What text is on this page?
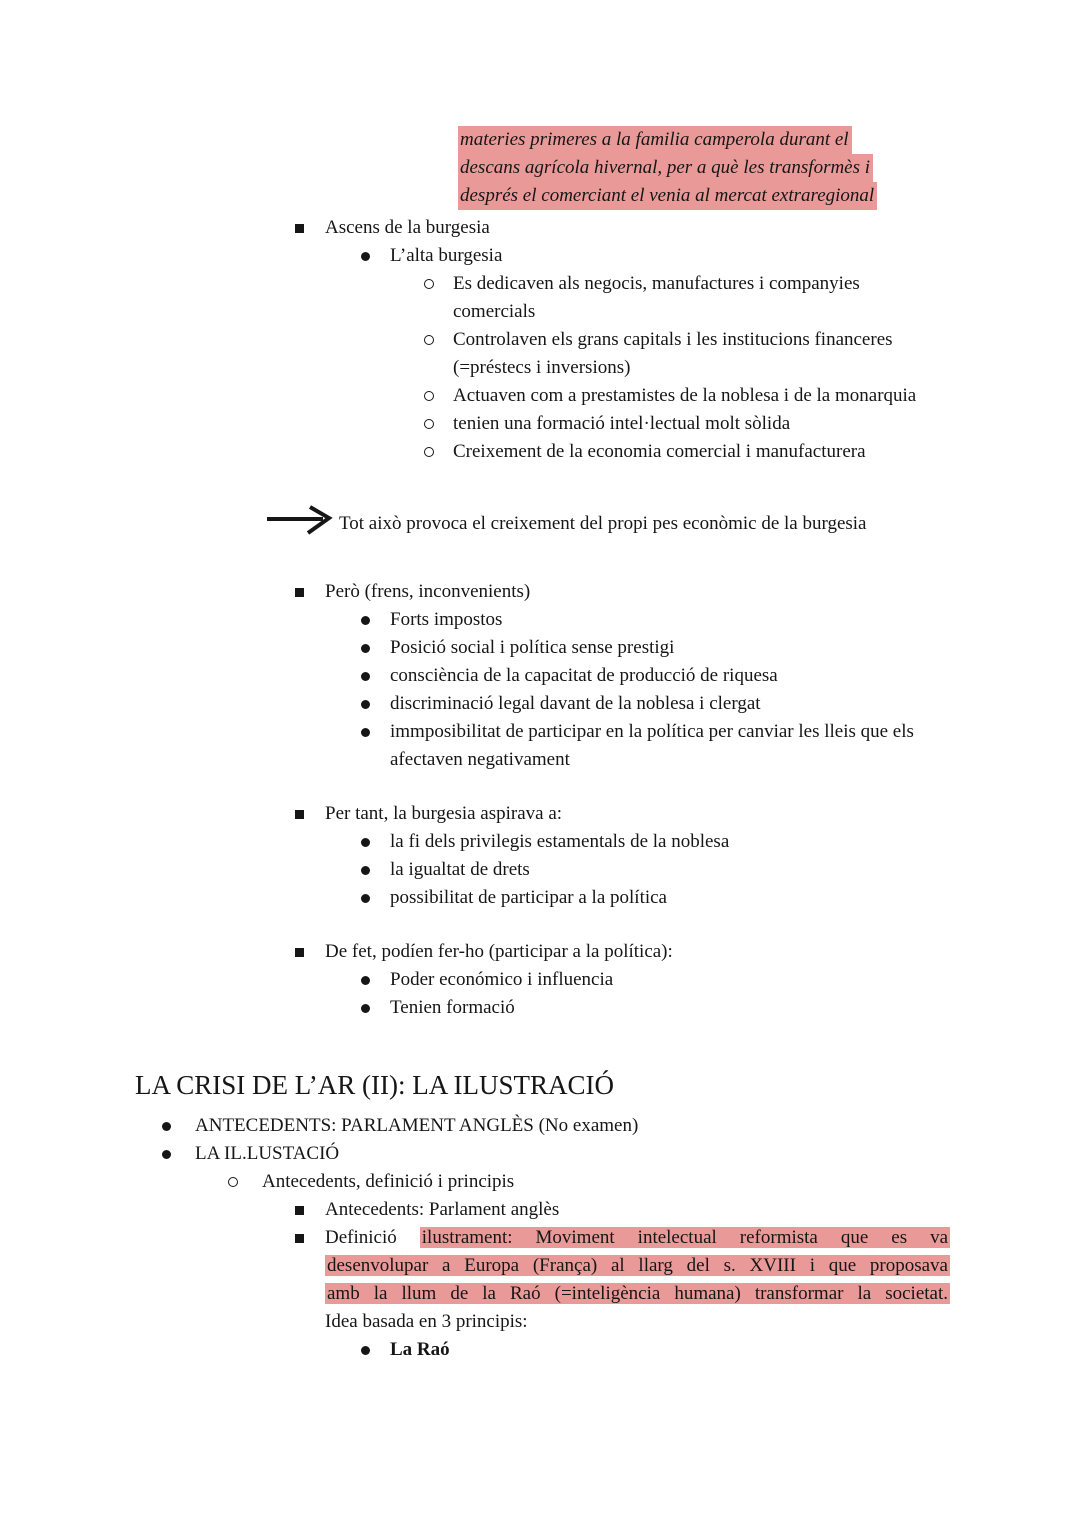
materies primeres a la familia camperola durant el
descans agrícola hivernal, per a què les transformès i
després el comerciant el venia al mercat extraregional
Ascens de la burgesia
L’alta burgesia
Es dedicaven als negocis, manufactures i companyies comercials
Controlaven els grans capitals i les institucions financeres (=préstecs i inversions)
Actuaven com a prestamistes de la noblesa i de la monarquia
tenien una formació intel·lectual molt sòlida
Creixement de la economia comercial i manufacturera
Tot això provoca el creixement del propi pes econòmic de la burgesia
Però (frens, inconvenients)
Forts impostos
Posició social i política sense prestigi
consciència de la capacitat de producció de riquesa
discriminació legal davant de la noblesa i clergat
immposibilitat de participar en la política per canviar les lleis que els afectaven negativament
Per tant, la burgesia aspirava a:
la fi dels privilegis estamentals de la noblesa
la igualtat de drets
possibilitat de participar a la política
De fet, podíen fer-ho (participar a la política):
Poder económico i influencia
Tenien formació
LA CRISI DE L’AR (II): LA ILUSTRACIÓ
ANTECEDENTS: PARLAMENT ANGLÈS (No examen)
LA IL.LUSTACIÓ
Antecedents, definició i principis
Antecedents: Parlament anglès
Definició ilustrament: Moviment intelectual reformista que es va
desenvolupar a Europa (França) al llarg del s. XVIII i que proposava
amb la llum de la Raó (=inteligència humana) transformar la societat.
Idea basada en 3 principis:
La Raó
